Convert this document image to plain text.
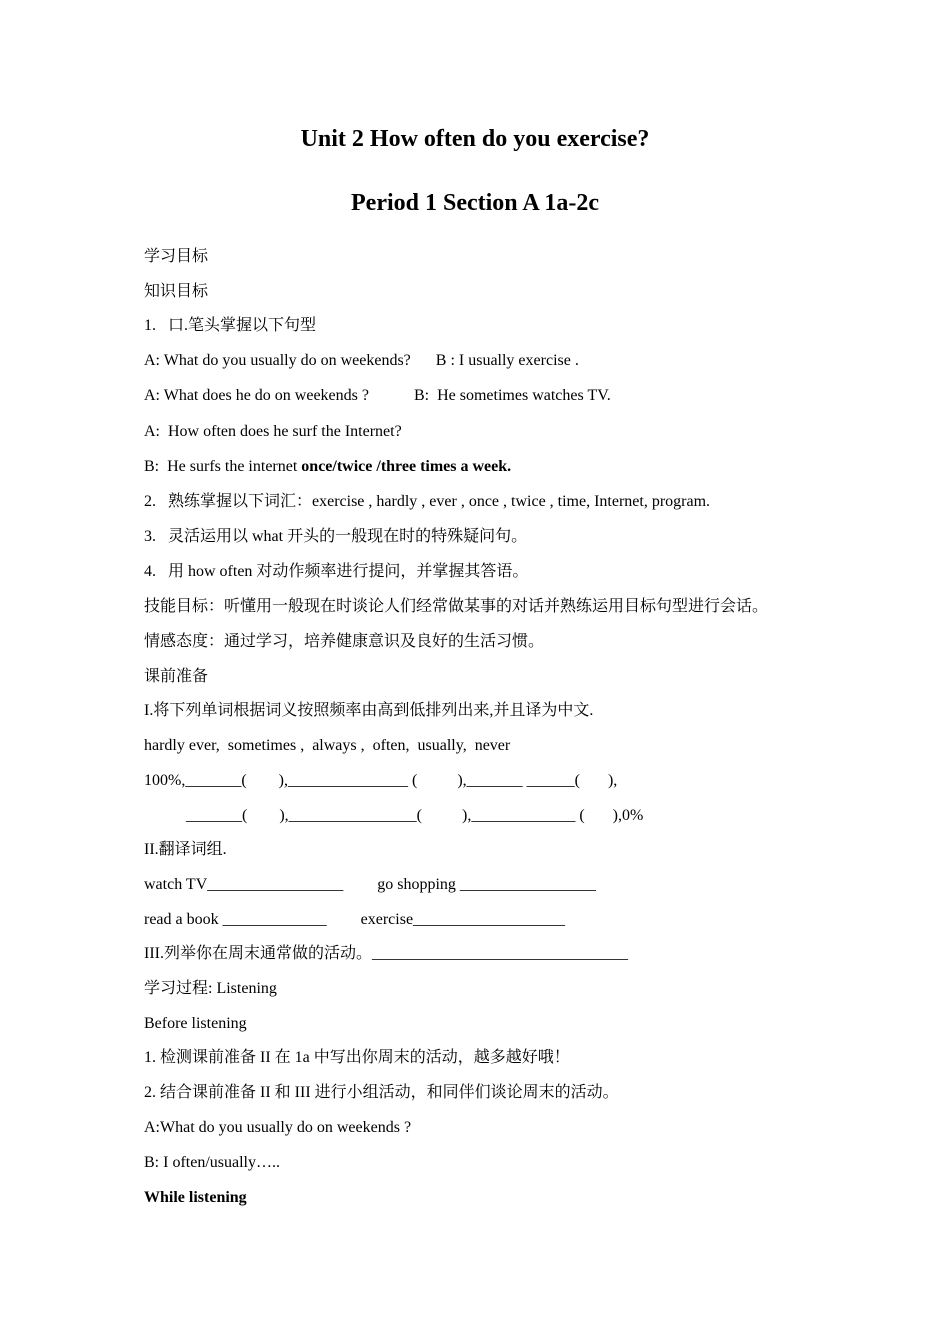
Unit 2 How often do you exercise?
Period 1 Section A 1a-2c

学习目标

知识目标

1.   口.笔头掌握以下句型

A: What do you usually do on weekends? B : I usually exercise .

A: What does he do on weekends ?	B:  He sometimes watches TV.

A:  How often does he surf the Internet?

B:  He surfs the internet once/twice /three times a week.

2.   熟练掌握以下词汇：exercise , hardly , ever , once , twice , time, Internet, program.

3.   灵活运用以 what 开头的一般现在时的特殊疑问句。

4.   用 how often 对动作频率进行提问，并掌握其答语。

技能目标：听懂用一般现在时谈论人们经常做某事的对话并熟练运用目标句型进行会话。

情感态度：通过学习，培养健康意识及良好的生活习惯。

课前准备

I.将下列单词根据词义按照频率由高到低排列出来,并且译为中文.

hardly ever,  sometimes ,  always ,  often,  usually,  never

100%,_______(        ),_______________ (          ),_______ ______(       ),

_______(        ),________________(          ),_____________ (       ),0%

II.翻译词组.

watch TV_________________ go shopping _________________

read a book _____________ exercise___________________

III.列举你在周末通常做的活动。________________________________

学习过程: Listening

Before listening

1. 检测课前准备 II 在 1a 中写出你周末的活动，越多越好哦！

2. 结合课前准备 II 和 III 进行小组活动，和同伴们谈论周末的活动。

A:What do you usually do on weekends ?

B: I often/usually…..

While listening
